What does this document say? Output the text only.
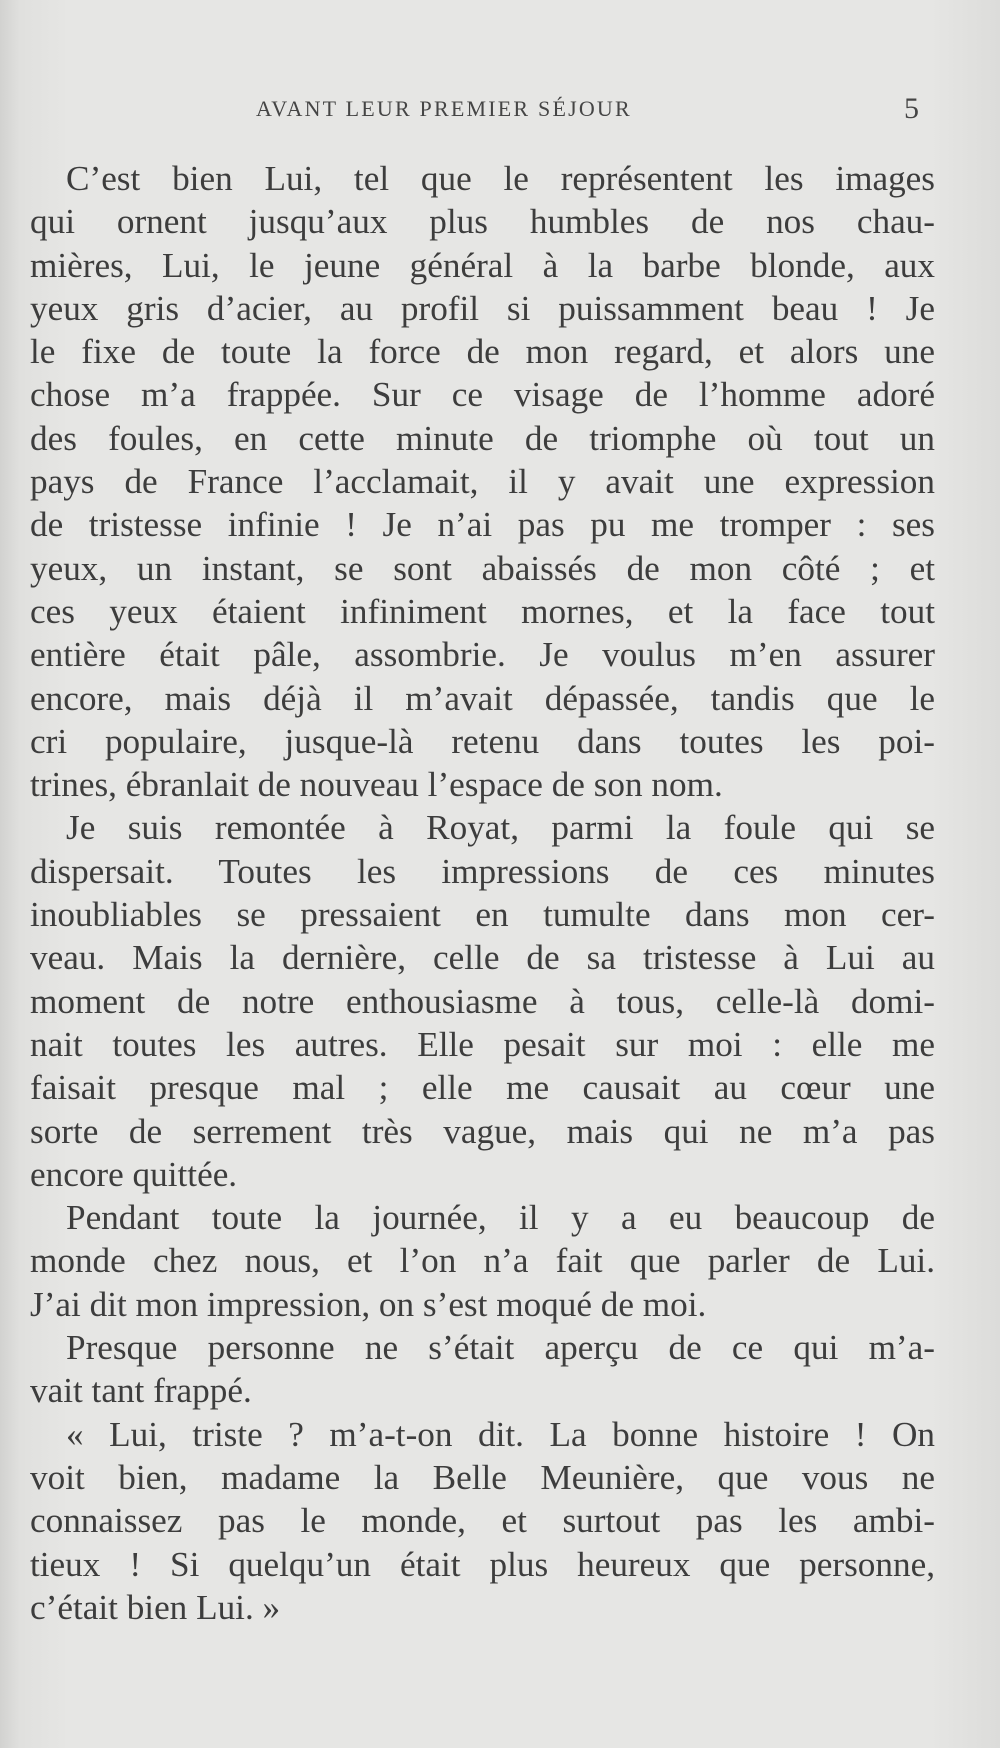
AVANT LEUR PREMIER SÉJOUR	5
C’est bien Lui, tel que le représentent les images
qui ornent jusqu’aux plus humbles de nos chau-
mières, Lui, le jeune général à la barbe blonde, aux
yeux gris d’acier, au profil si puissamment beau ! Je
le fixe de toute la force de mon regard, et alors une
chose m’a frappée. Sur ce visage de l’homme adoré
des foules, en cette minute de triomphe où tout un
pays de France l’acclamait, il y avait une expression
de tristesse infinie ! Je n’ai pas pu me tromper : ses
yeux, un instant, se sont abaissés de mon côté ; et
ces yeux étaient infiniment mornes, et la face tout
entière était pâle, assombrie. Je voulus m’en assurer
encore, mais déjà il m’avait dépassée, tandis que le
cri populaire, jusque-là retenu dans toutes les poi-
trines, ébranlait de nouveau l’espace de son nom.
Je suis remontée à Royat, parmi la foule qui se
dispersait. Toutes les impressions de ces minutes
inoubliables se pressaient en tumulte dans mon cer-
veau. Mais la dernière, celle de sa tristesse à Lui au
moment de notre enthousiasme à tous, celle-là domi-
nait toutes les autres. Elle pesait sur moi : elle me
faisait presque mal ; elle me causait au cœur une
sorte de serrement très vague, mais qui ne m’a pas
encore quittée.
Pendant toute la journée, il y a eu beaucoup de
monde chez nous, et l’on n’a fait que parler de Lui.
J’ai dit mon impression, on s’est moqué de moi.
Presque personne ne s’était aperçu de ce qui m’a-
vait tant frappé.
« Lui, triste ? m’a-t-on dit. La bonne histoire ! On
voit bien, madame la Belle Meunière, que vous ne
connaissez pas le monde, et surtout pas les ambi-
tieux ! Si quelqu’un était plus heureux que personne,
c’était bien Lui. »
